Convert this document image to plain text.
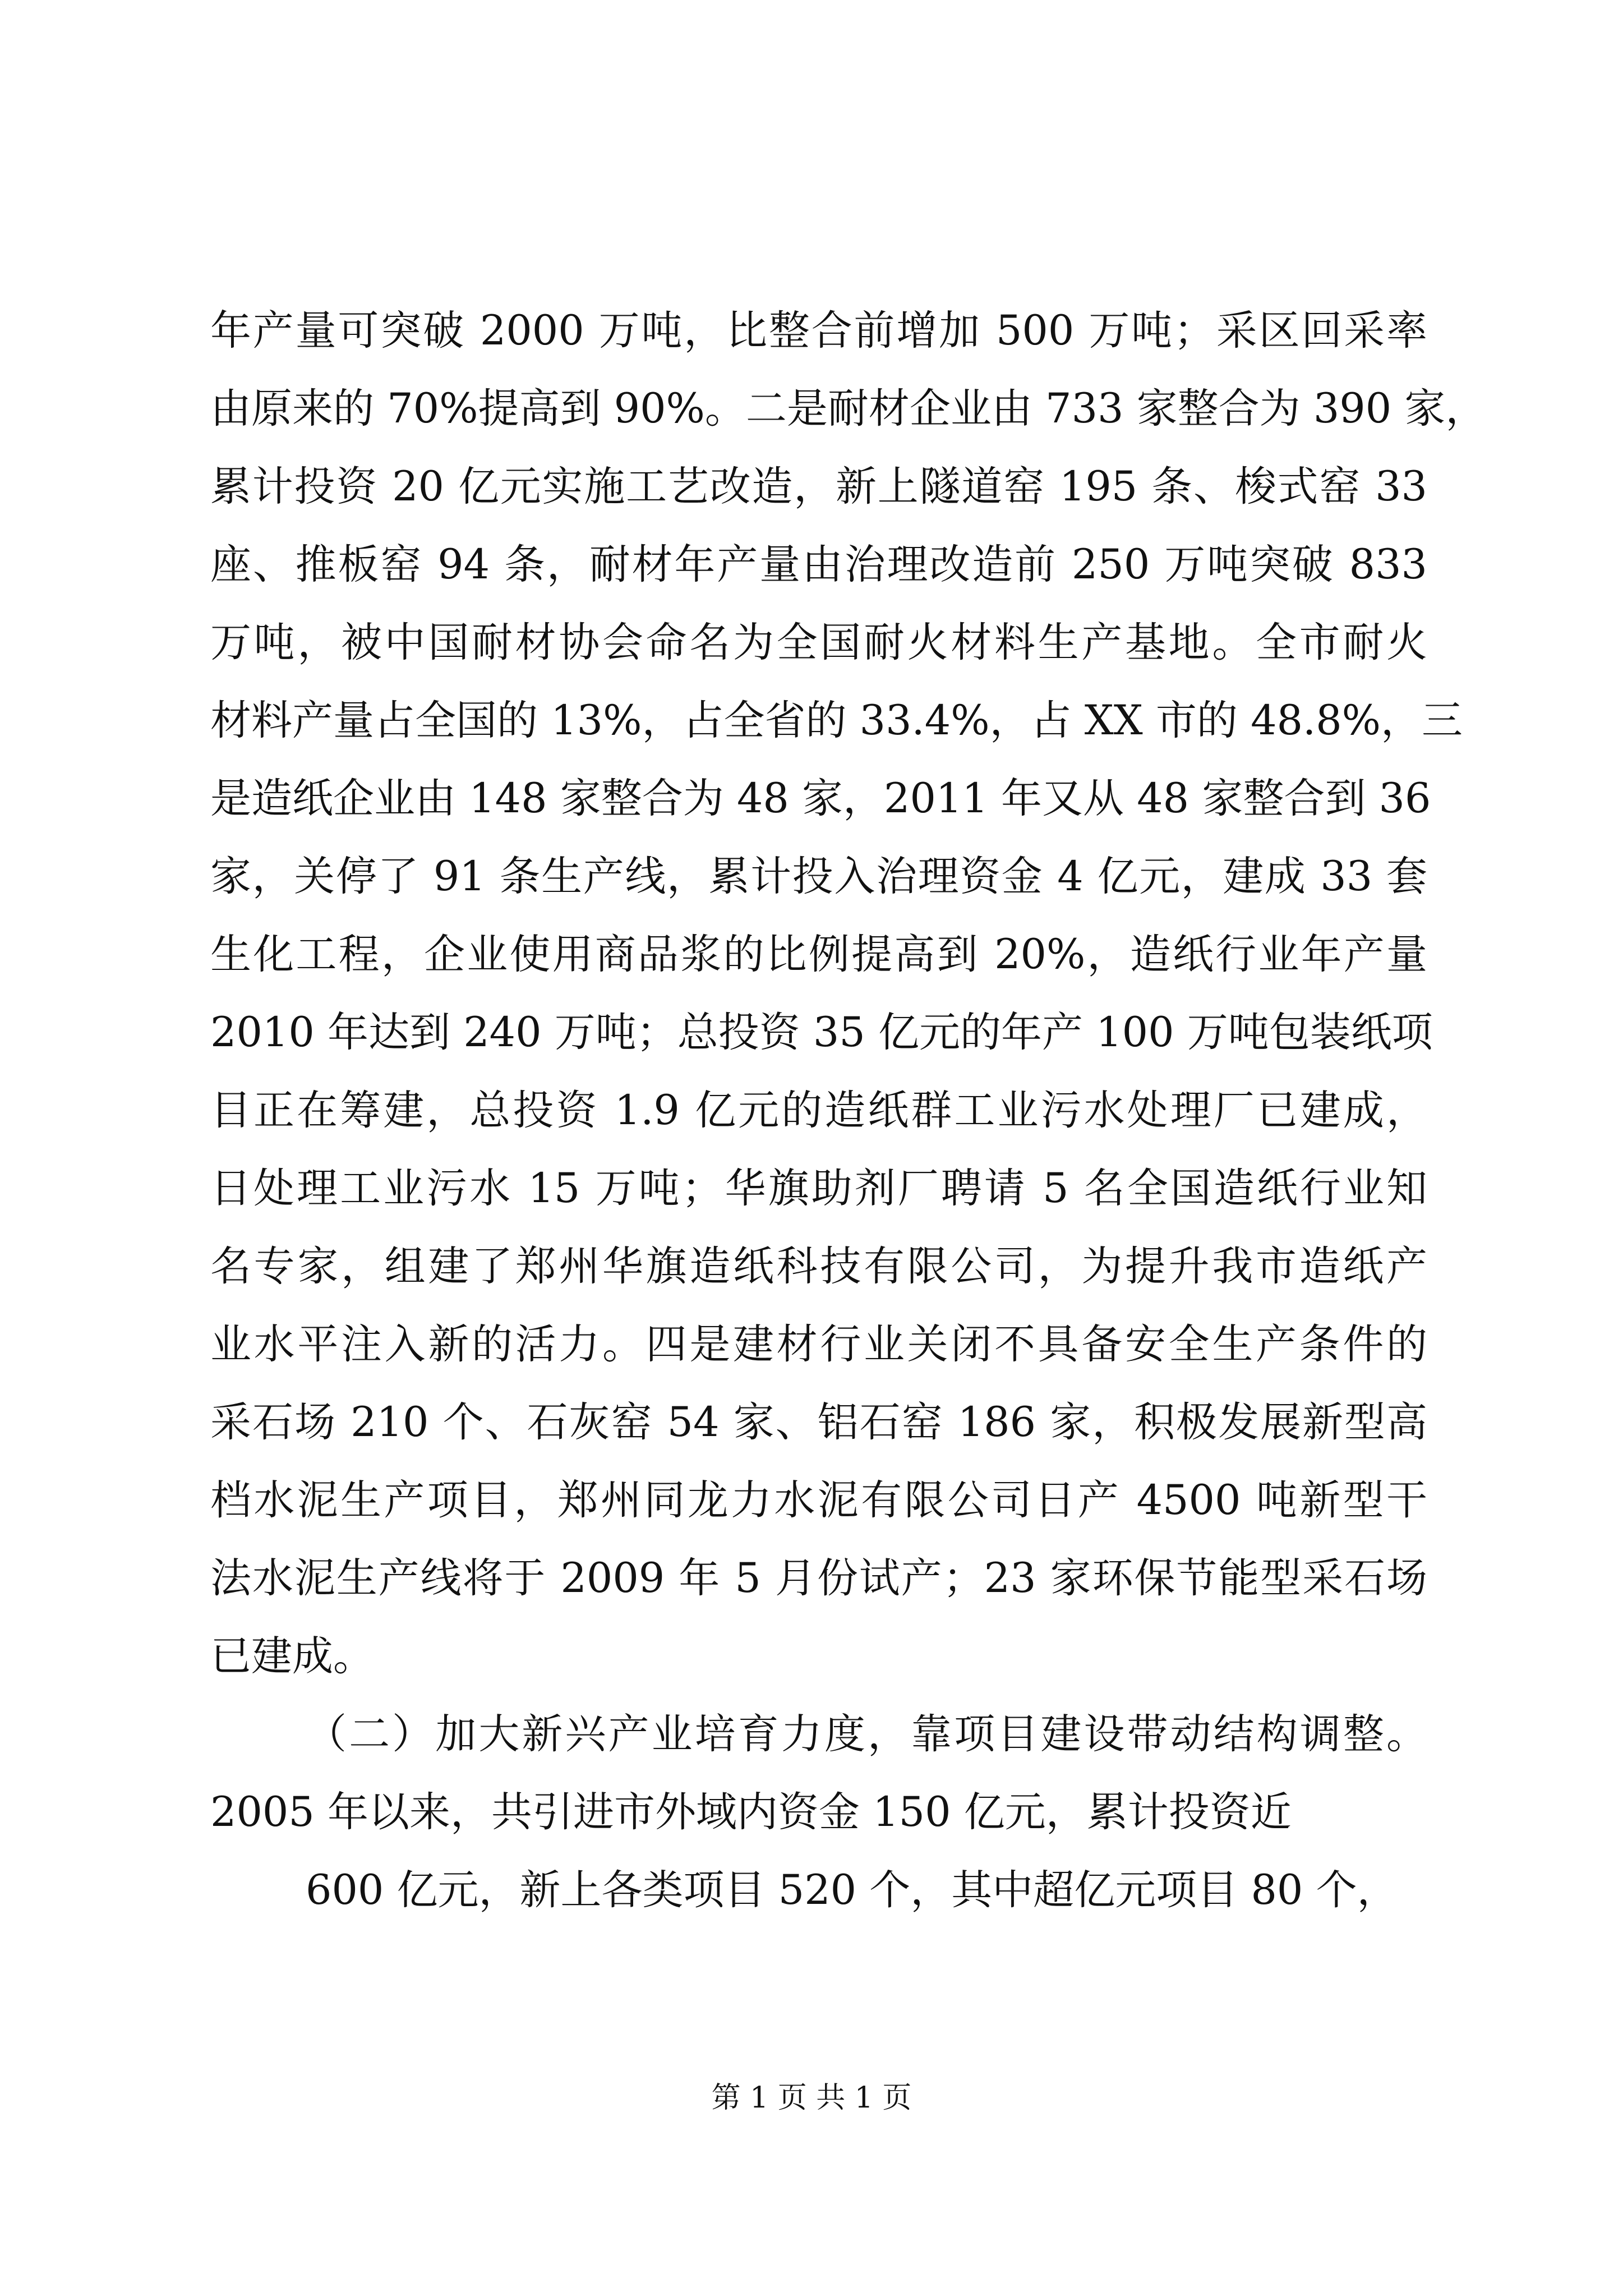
年产量可突破 2000 万吨，比整合前增加 500 万吨；采区回采率
由原来的 70%提高到 90%。二是耐材企业由 733 家整合为 390 家，
累计投资 20 亿元实施工艺改造，新上隧道窑 195 条、梭式窑 33
座、推板窑 94 条，耐材年产量由治理改造前 250 万吨突破 833
万吨，被中国耐材协会命名为全国耐火材料生产基地。全市耐火
材料产量占全国的 13%，占全省的 33.4%，占 XX 市的 48.8%，三
是造纸企业由 148 家整合为 48 家，2011 年又从 48 家整合到 36
家，关停了 91 条生产线，累计投入治理资金 4 亿元，建成 33 套
生化工程，企业使用商品浆的比例提高到 20%，造纸行业年产量
2010 年达到 240 万吨；总投资 35 亿元的年产 100 万吨包装纸项
目正在筹建，总投资 1.9 亿元的造纸群工业污水处理厂已建成，
日处理工业污水 15 万吨；华旗助剂厂聘请 5 名全国造纸行业知
名专家，组建了郑州华旗造纸科技有限公司，为提升我市造纸产
业水平注入新的活力。四是建材行业关闭不具备安全生产条件的
采石场 210 个、石灰窑 54 家、铝石窑 186 家，积极发展新型高
档水泥生产项目，郑州同龙力水泥有限公司日产 4500 吨新型干
法水泥生产线将于 2009 年 5 月份试产；23 家环保节能型采石场
已建成。
（二）加大新兴产业培育力度，靠项目建设带动结构调整。
2005 年以来，共引进市外域内资金 150 亿元，累计投资近
600 亿元，新上各类项目 520 个，其中超亿元项目 80 个，
第 1 页 共 1 页
